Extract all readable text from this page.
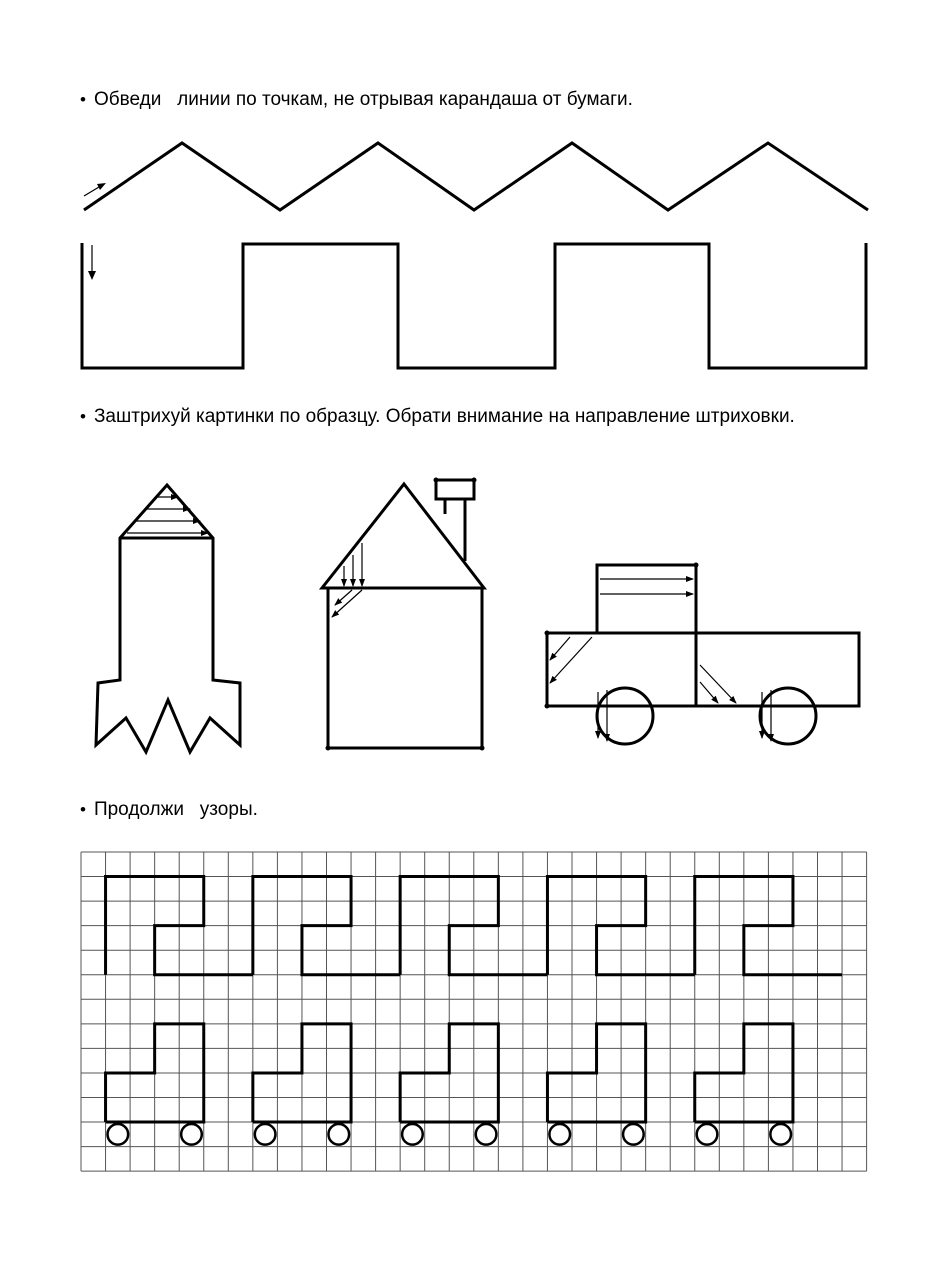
• Обведи   линии по точкам, не отрывая карандаша от бумаги.
• Заштрихуй картинки по образцу. Обрати внимание на направление штриховки.
• Продолжи   узоры.
